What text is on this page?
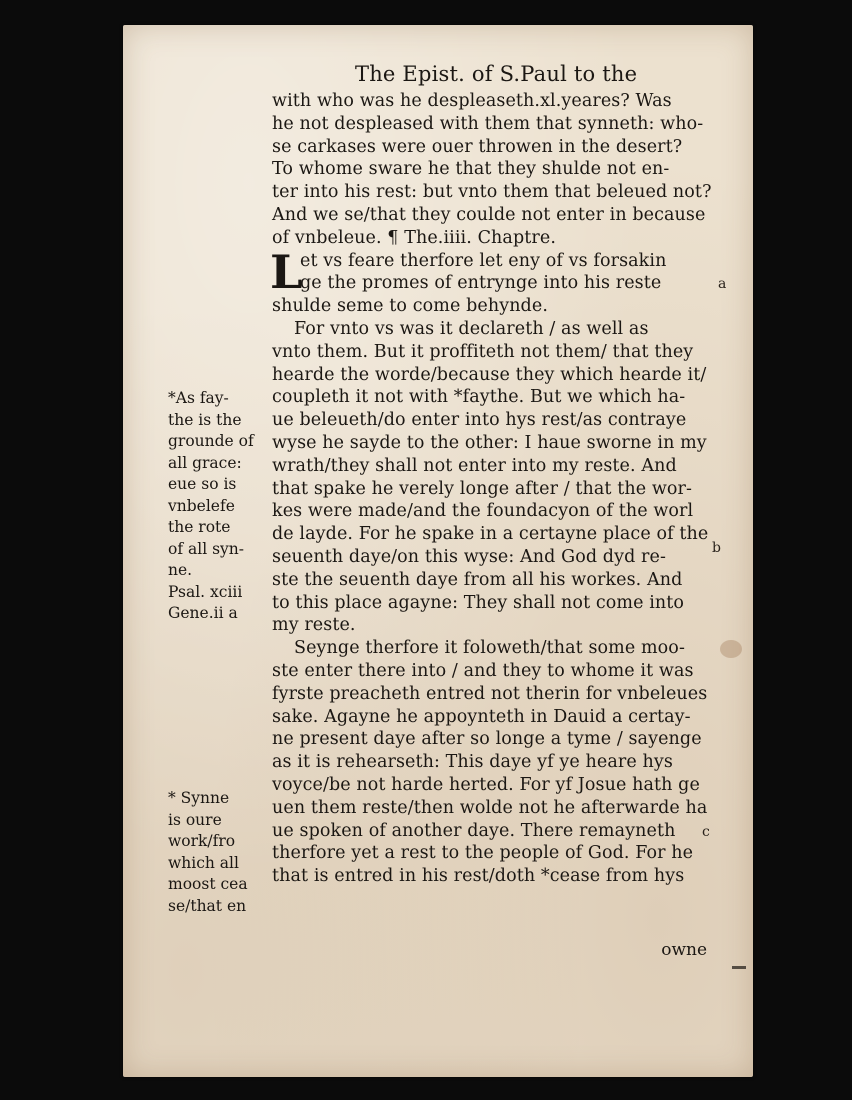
The Epist. of S.Paul to the
L
with who was he despleaseth.xl.yeares? Was
he not despleased with them that synneth: who-
se carkases were ouer throwen in the desert?
To whome sware he that they shulde not en-
ter into his rest: but vnto them that beleued not?
And we se/that they coulde not enter in because
of vnbeleue. ¶ The.iiii. Chaptre.
et vs feare therfore let eny of vs forsakin
ge the promes of entrynge into his reste
shulde seme to come behynde.
For vnto vs was it declareth / as well as
vnto them. But it proffiteth not them/ that they
hearde the worde/because they which hearde it/
coupleth it not with *faythe. But we which ha-
ue beleueth/do enter into hys rest/as contraye
wyse he sayde to the other: I haue sworne in my
wrath/they shall not enter into my reste. And
that spake he verely longe after / that the wor-
kes were made/and the foundacyon of the worl
de layde. For he spake in a certayne place of the
seuenth daye/on this wyse: And God dyd re-
ste the seuenth daye from all his workes. And
to this place agayne: They shall not come into
my reste.
Seynge therfore it foloweth/that some moo-
ste enter there into / and they to whome it was
fyrste preacheth entred not therin for vnbeleues
sake. Agayne he appoynteth in Dauid a certay-
ne present daye after so longe a tyme / sayenge
as it is rehearseth: This daye yf ye heare hys
voyce/be not harde herted. For yf Josue hath ge
uen them reste/then wolde not he afterwarde ha
ue spoken of another daye. There remayneth
therfore yet a rest to the people of God. For he
that is entred in his rest/doth *cease from hys
*As fay-
the is the
grounde of
all grace:
eue so is
vnbelefe
the rote
of all syn-
ne.
Psal. xciii
Gene.ii a
* Synne
is oure
work/fro
which all
moost cea
se/that en
a
b
c
owne
